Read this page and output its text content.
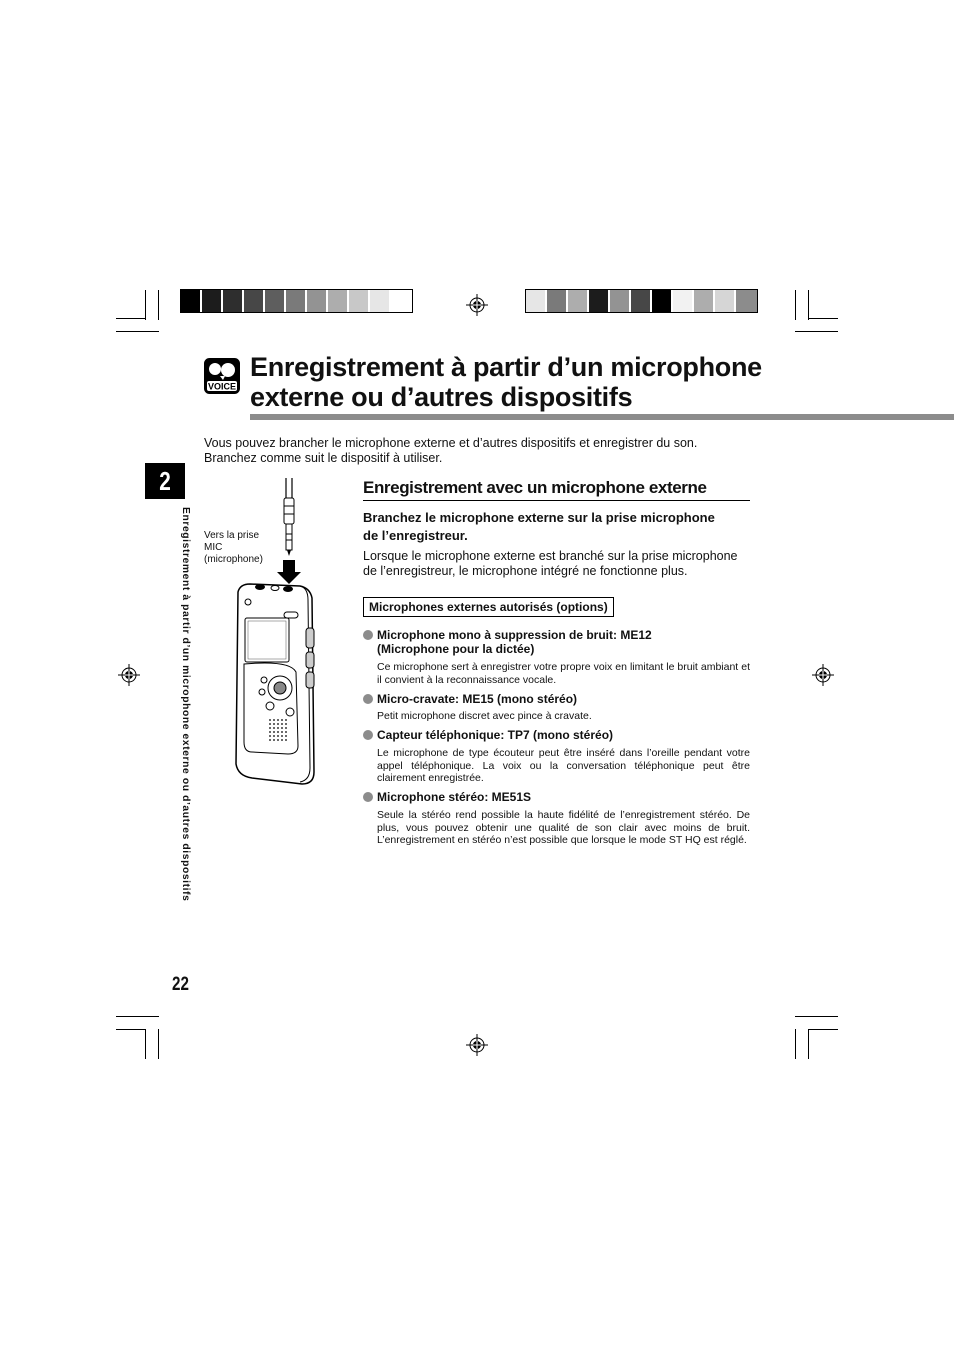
VOICE
Enregistrement à partir d’un microphone
externe ou d’autres dispositifs
Vous pouvez brancher le microphone externe et d’autres dispositifs et enregistrer du son.
Branchez comme suit le dispositif à utiliser.
2
Enregistrement à partir d’un microphone externe ou d’autres dispositifs
22
Vers la prise
MIC
(microphone)
Enregistrement avec un microphone externe
Branchez le microphone externe sur la prise microphone
de l’enregistreur.
Lorsque le microphone externe est branché sur la prise microphone
de l’enregistreur, le microphone intégré ne fonctionne plus.
Microphones externes autorisés (options)
Microphone mono à suppression de bruit: ME12
(Microphone pour la dictée)
Ce microphone sert à enregistrer votre propre voix en limitant le bruit ambiant et il convient à la reconnaissance vocale.
Micro-cravate: ME15 (mono stéréo)
Petit microphone discret avec pince à cravate.
Capteur téléphonique: TP7 (mono stéréo)
Le microphone de type écouteur peut être inséré dans l’oreille pendant votre appel téléphonique. La voix ou la conversation téléphonique peut être clairement enregistrée.
Microphone stéréo: ME51S
Seule la stéréo rend possible la haute fidélité de l’enregistrement stéréo. De plus, vous pouvez obtenir une qualité de son clair avec moins de bruit. L’enregistrement en stéréo n’est possible que lorsque le mode ST HQ est réglé.
